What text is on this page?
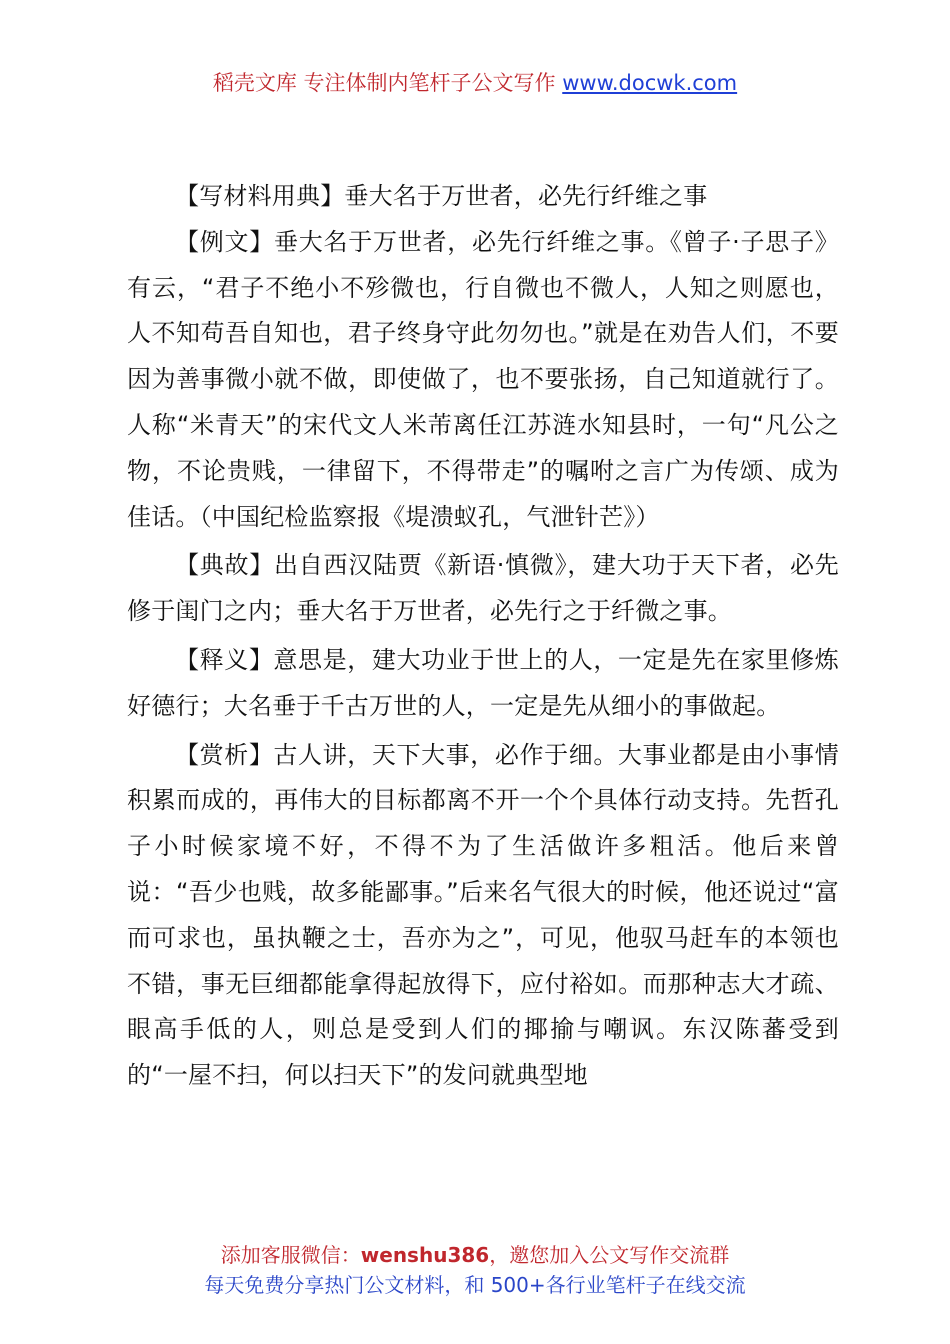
稻壳文库 专注体制内笔杆子公文写作 www.docwk.com

【写材料用典】垂大名于万世者，必先行纤维之事

【例文】垂大名于万世者，必先行纤维之事。《曾子·子思子》有云，“君子不绝小不殄微也，行自微也不微人，人知之则愿也，人不知苟吾自知也，君子终身守此勿勿也。”就是在劝告人们，不要因为善事微小就不做，即使做了，也不要张扬，自己知道就行了。人称“米青天”的宋代文人米芾离任江苏涟水知县时，一句“凡公之物，不论贵贱，一律留下，不得带走”的嘱咐之言广为传颂、成为佳话。（中国纪检监察报《堤溃蚁孔，气泄针芒》）

【典故】出自西汉陆贾《新语·慎微》，建大功于天下者，必先修于闺门之内；垂大名于万世者，必先行之于纤微之事。

【释义】意思是，建大功业于世上的人，一定是先在家里修炼好德行；大名垂于千古万世的人，一定是先从细小的事做起。

【赏析】古人讲，天下大事，必作于细。大事业都是由小事情积累而成的，再伟大的目标都离不开一个个具体行动支持。先哲孔子小时候家境不好，不得不为了生活做许多粗活。他后来曾说：“吾少也贱，故多能鄙事。”后来名气很大的时候，他还说过“富而可求也，虽执鞭之士，吾亦为之”，可见，他驭马赶车的本领也不错，事无巨细都能拿得起放得下，应付裕如。而那种志大才疏、眼高手低的人，则总是受到人们的揶揄与嘲讽。东汉陈蕃受到的“一屋不扫，何以扫天下”的发问就典型地

添加客服微信：wenshu386，邀您加入公文写作交流群
每天免费分享热门公文材料，和 500+各行业笔杆子在线交流
